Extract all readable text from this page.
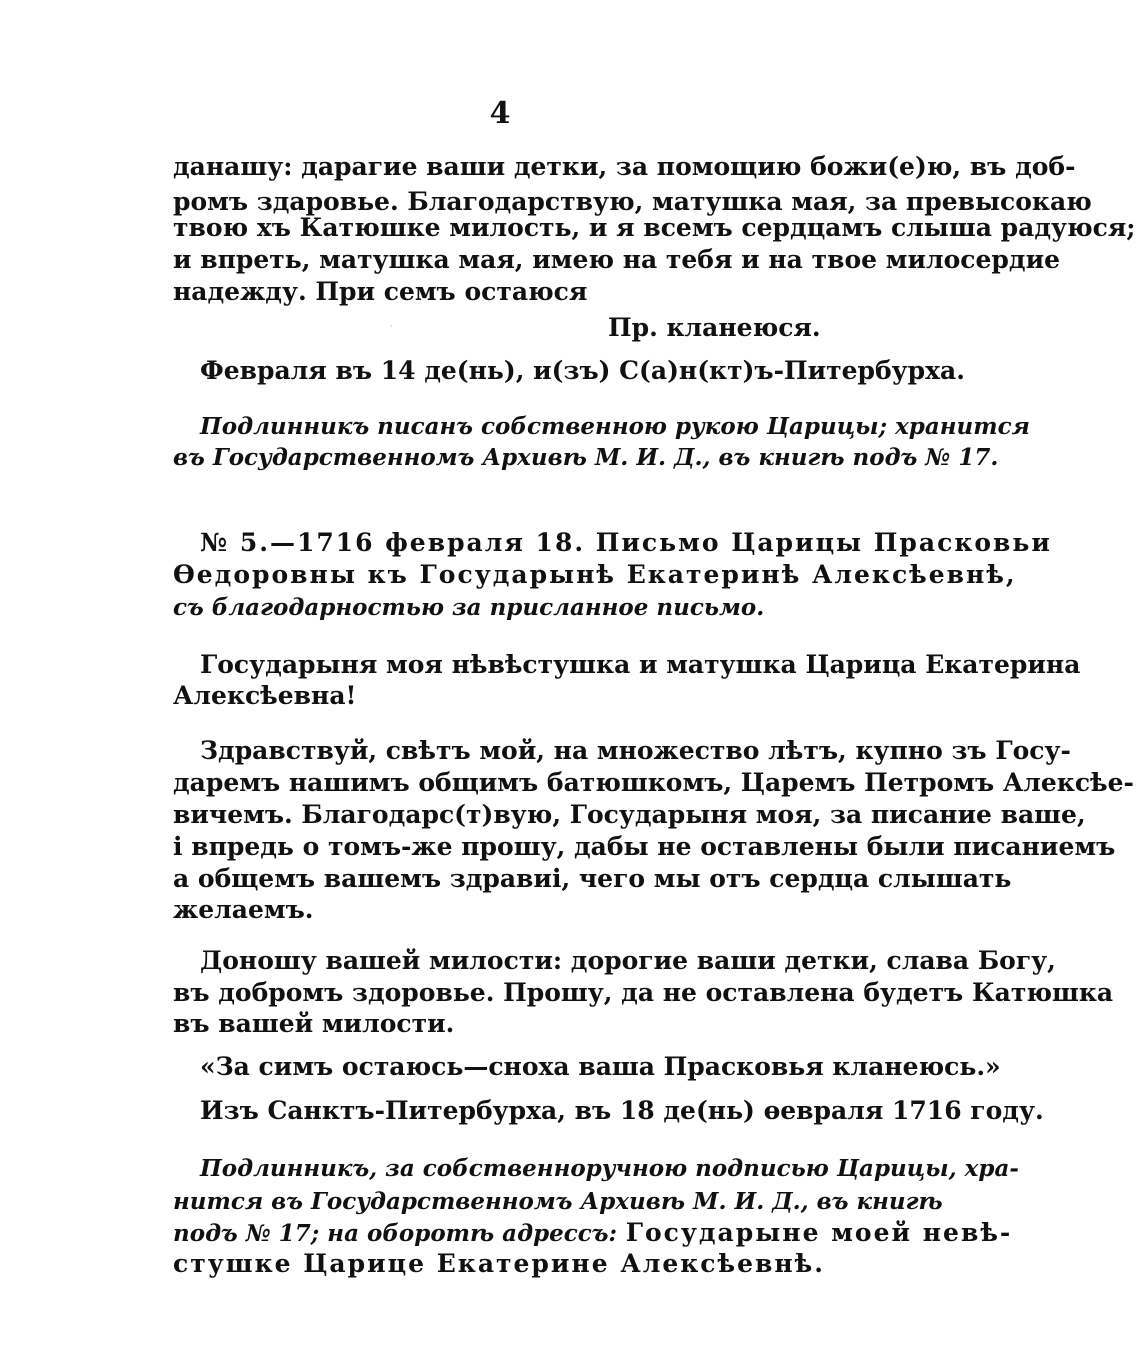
4
данашу: дарагие ваши детки, за помощию божи(е)ю, въ доб-
ромъ здаровье. Благодарствую, матушка мая, за превысокаю
твою хъ Катюшке милость, и я всемъ сердцамъ слыша радуюся;
и впреть, матушка мая, имею на тебя и на твое милосердие
надежду. При семъ остаюся
·	Пр. кланеюся.
Февраля въ 14 де(нь), и(зъ) С(а)н(кт)ъ-Питербурха.
Подлинникъ писанъ собственною рукою Царицы; хранится
въ Государственномъ Архивѣ М. И. Д., въ книгѣ подъ № 17.
№ 5.—1716 февраля 18. Письмо Царицы Прасковьи
Өедоровны къ Государынѣ Екатеринѣ Алексѣевнѣ,
съ благодарностью за присланное письмо.
Государыня моя нѣвѣстушка и матушка Царица Екатерина
Алексѣевна!
Здравствуй, свѣтъ мой, на множество лѣтъ, купно зъ Госу-
даремъ нашимъ общимъ батюшкомъ, Царемъ Петромъ Алексѣе-
вичемъ. Благодарс(т)вую, Государыня моя, за писание ваше,
і впредь о томъ-же прошу, дабы не оставлены были писаниемъ
а общемъ вашемъ здравиі, чего мы отъ сердца слышать
желаемъ.
Доношу вашей милости: дорогие ваши детки, слава Богу,
въ добромъ здоровье. Прошу, да не оставлена будетъ Катюшка
въ вашей милости.
«За симъ остаюсь—сноха ваша Прасковья кланеюсь.»
Изъ Санктъ-Питербурха, въ 18 де(нь) өевраля 1716 году.
Подлинникъ, за собственноручною подписью Царицы, хра-
нится въ Государственномъ Архивѣ М. И. Д., въ книгѣ
подъ № 17; на оборотѣ адрессъ: Государыне моей невѣ-
стушке Царице Екатерине Алексѣевнѣ.
